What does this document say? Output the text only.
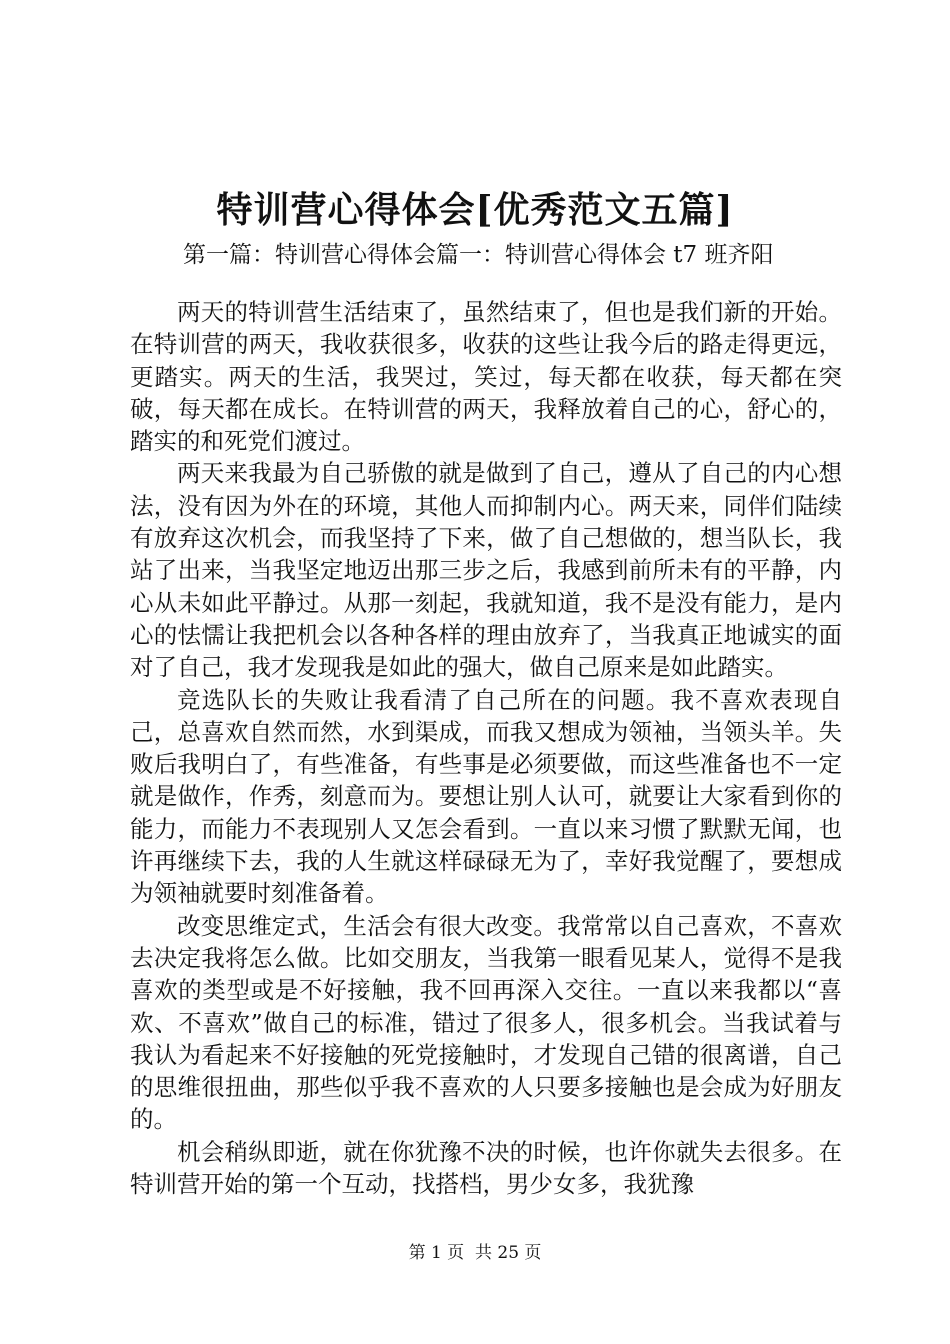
特训营心得体会[优秀范文五篇]
第一篇：特训营心得体会篇一：特训营心得体会 t7 班齐阳

两天的特训营生活结束了，虽然结束了，但也是我们新的开始。在特训营的两天，我收获很多，收获的这些让我今后的路走得更远，更踏实。两天的生活，我哭过，笑过，每天都在收获，每天都在突破，每天都在成长。在特训营的两天，我释放着自己的心，舒心的，踏实的和死党们渡过。

两天来我最为自己骄傲的就是做到了自己，遵从了自己的内心想法，没有因为外在的环境，其他人而抑制内心。两天来，同伴们陆续有放弃这次机会，而我坚持了下来，做了自己想做的，想当队长，我站了出来，当我坚定地迈出那三步之后，我感到前所未有的平静，内心从未如此平静过。从那一刻起，我就知道，我不是没有能力，是内心的怯懦让我把机会以各种各样的理由放弃了，当我真正地诚实的面对了自己，我才发现我是如此的强大，做自己原来是如此踏实。

竞选队长的失败让我看清了自己所在的问题。我不喜欢表现自己，总喜欢自然而然，水到渠成，而我又想成为领袖，当领头羊。失败后我明白了，有些准备，有些事是必须要做，而这些准备也不一定就是做作，作秀，刻意而为。要想让别人认可，就要让大家看到你的能力，而能力不表现别人又怎会看到。一直以来习惯了默默无闻，也许再继续下去，我的人生就这样碌碌无为了，幸好我觉醒了，要想成为领袖就要时刻准备着。

改变思维定式，生活会有很大改变。我常常以自己喜欢，不喜欢去决定我将怎么做。比如交朋友，当我第一眼看见某人，觉得不是我喜欢的类型或是不好接触，我不回再深入交往。一直以来我都以“喜欢、不喜欢”做自己的标准，错过了很多人，很多机会。当我试着与我认为看起来不好接触的死党接触时，才发现自己错的很离谱，自己的思维很扭曲，那些似乎我不喜欢的人只要多接触也是会成为好朋友的。

机会稍纵即逝，就在你犹豫不决的时候，也许你就失去很多。在特训营开始的第一个互动，找搭档，男少女多，我犹豫

第 1 页  共 25 页
